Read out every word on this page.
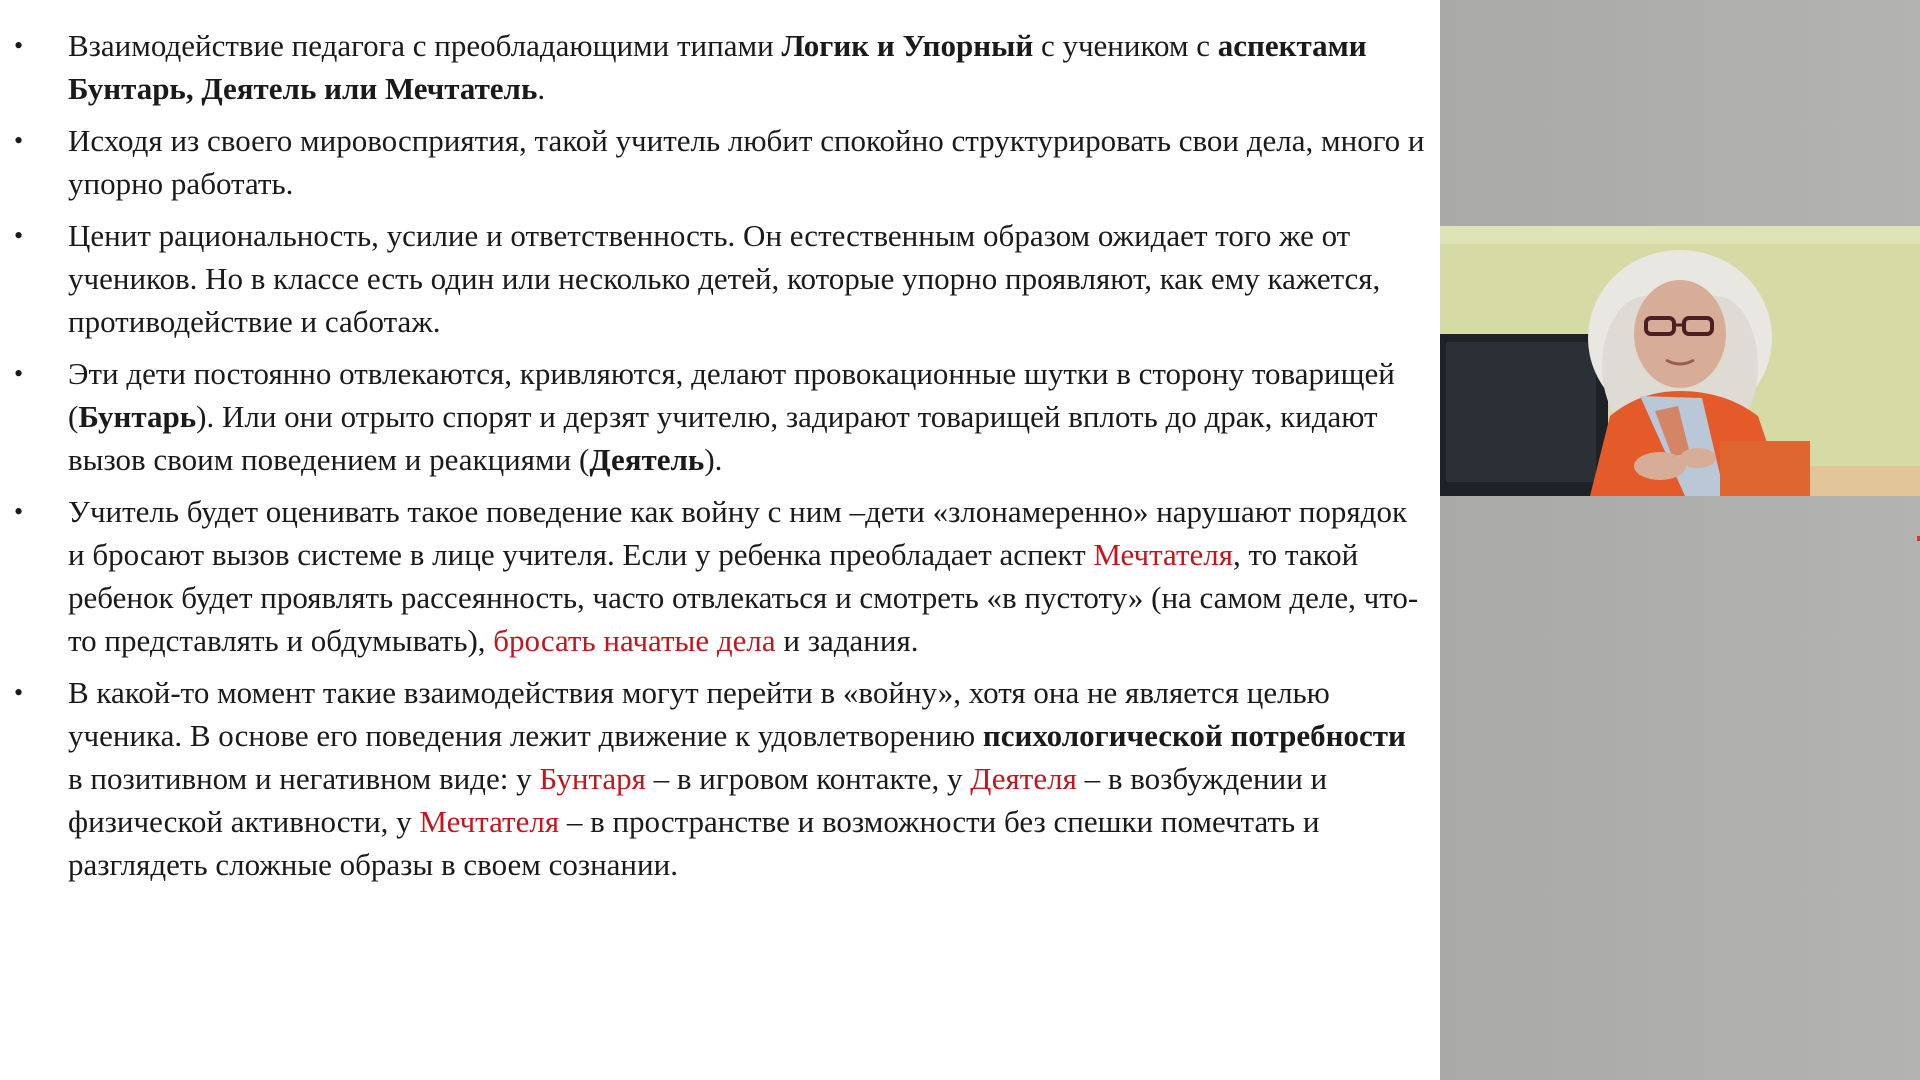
• Взаимодействие педагога с преобладающими типами Логик и Упорный с учеником с аспектами Бунтарь, Деятель или Мечтатель.
• Исходя из своего мировосприятия, такой учитель любит спокойно структурировать свои дела, много и упорно работать.
• Ценит рациональность, усилие и ответственность. Он естественным образом ожидает того же от учеников. Но в классе есть один или несколько детей, которые упорно проявляют, как ему кажется, противодействие и саботаж.
• Эти дети постоянно отвлекаются, кривляются, делают провокационные шутки в сторону товарищей (Бунтарь). Или они отрыто спорят и дерзят учителю, задирают товарищей вплоть до драк, кидают вызов своим поведением и реакциями (Деятель).
• Учитель будет оценивать такое поведение как войну с ним –дети «злонамеренно» нарушают порядок и бросают вызов системе в лице учителя. Если у ребенка преобладает аспект Мечтателя, то такой ребенок будет проявлять рассеянность, часто отвлекаться и смотреть «в пустоту» (на самом деле, что-то представлять и обдумывать), бросать начатые дела и задания.
• В какой-то момент такие взаимодействия могут перейти в «войну», хотя она не является целью ученика. В основе его поведения лежит движение к удовлетворению психологической потребности в позитивном и негативном виде: у Бунтаря – в игровом контакте, у Деятеля – в возбуждении и физической активности, у Мечтателя – в пространстве и возможности без спешки помечтать и разглядеть сложные образы в своем сознании.
